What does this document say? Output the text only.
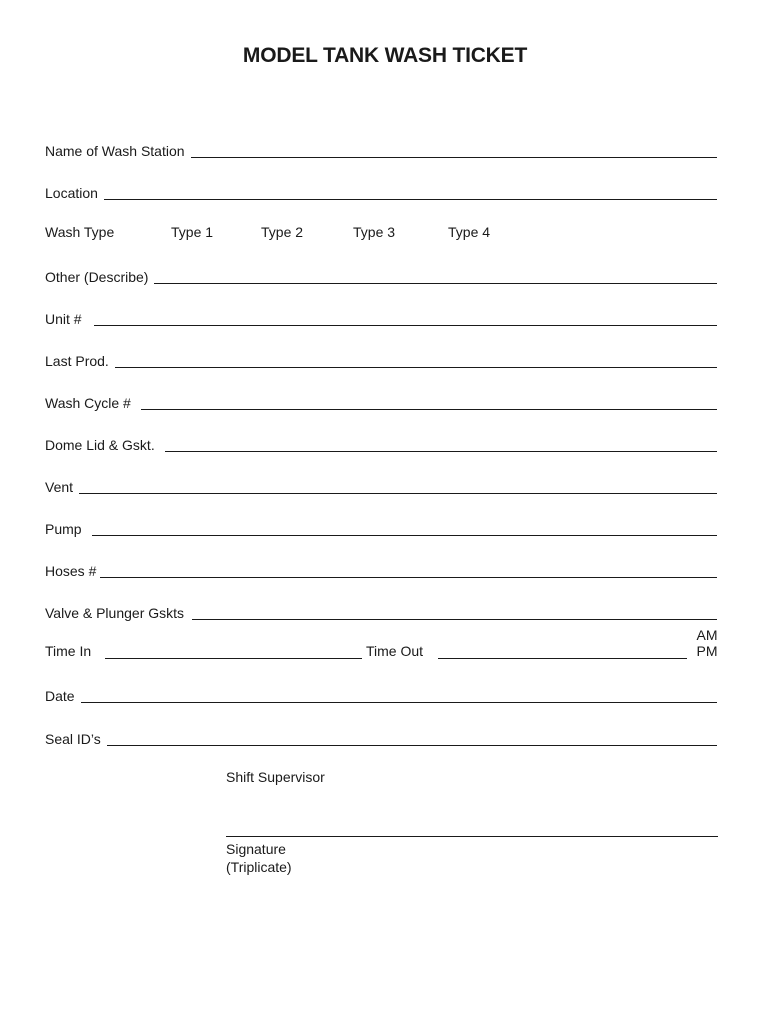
MODEL TANK WASH TICKET
Name of Wash Station
Location
Wash Type	Type 1	Type 2	Type 3	Type 4
Other (Describe)
Unit #
Last Prod.
Wash Cycle #
Dome Lid & Gskt.
Vent
Pump
Hoses #
Valve & Plunger Gskts
Time In	Time Out
AM
PM
Date
Seal ID’s
Shift Supervisor
Signature
(Triplicate)
